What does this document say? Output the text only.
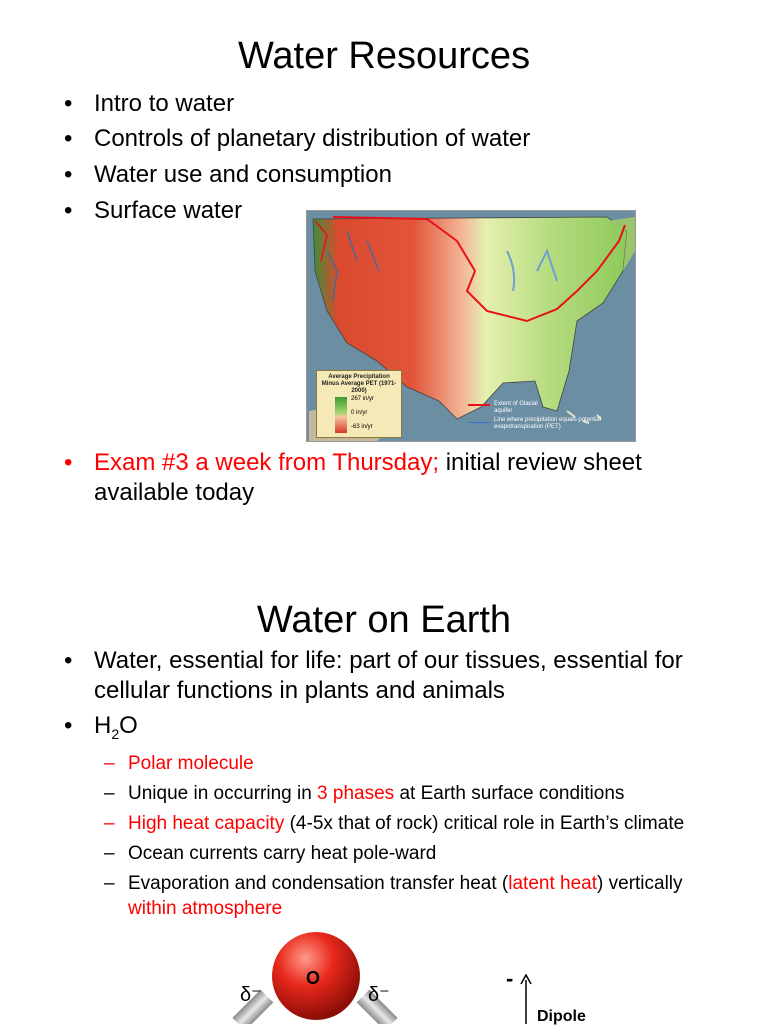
Water Resources
• Intro to water
• Controls of planetary distribution of water
• Water use and consumption
• Surface water
Average Precipitation Minus Average PET (1971-2000)
267 in/yr
0 in/yr
-63 in/yr
Extent of Glacial aquifer
Line where precipitation equals potential evapotranspiration (PET)
• Exam #3 a week from Thursday; initial review sheet
available today
Water on Earth
• Water, essential for life: part of our tissues, essential for
cellular functions in plants and animals
• $H_2O$
– Polar molecule
– Unique in occurring in 3 phases at Earth surface conditions
– High heat capacity (4-5x that of rock) critical role in Earth’s climate
– Ocean currents carry heat pole-ward
– Evaporation and condensation transfer heat (latent heat) vertically
within atmosphere
O
δ⁻	δ⁻
-
Dipole
